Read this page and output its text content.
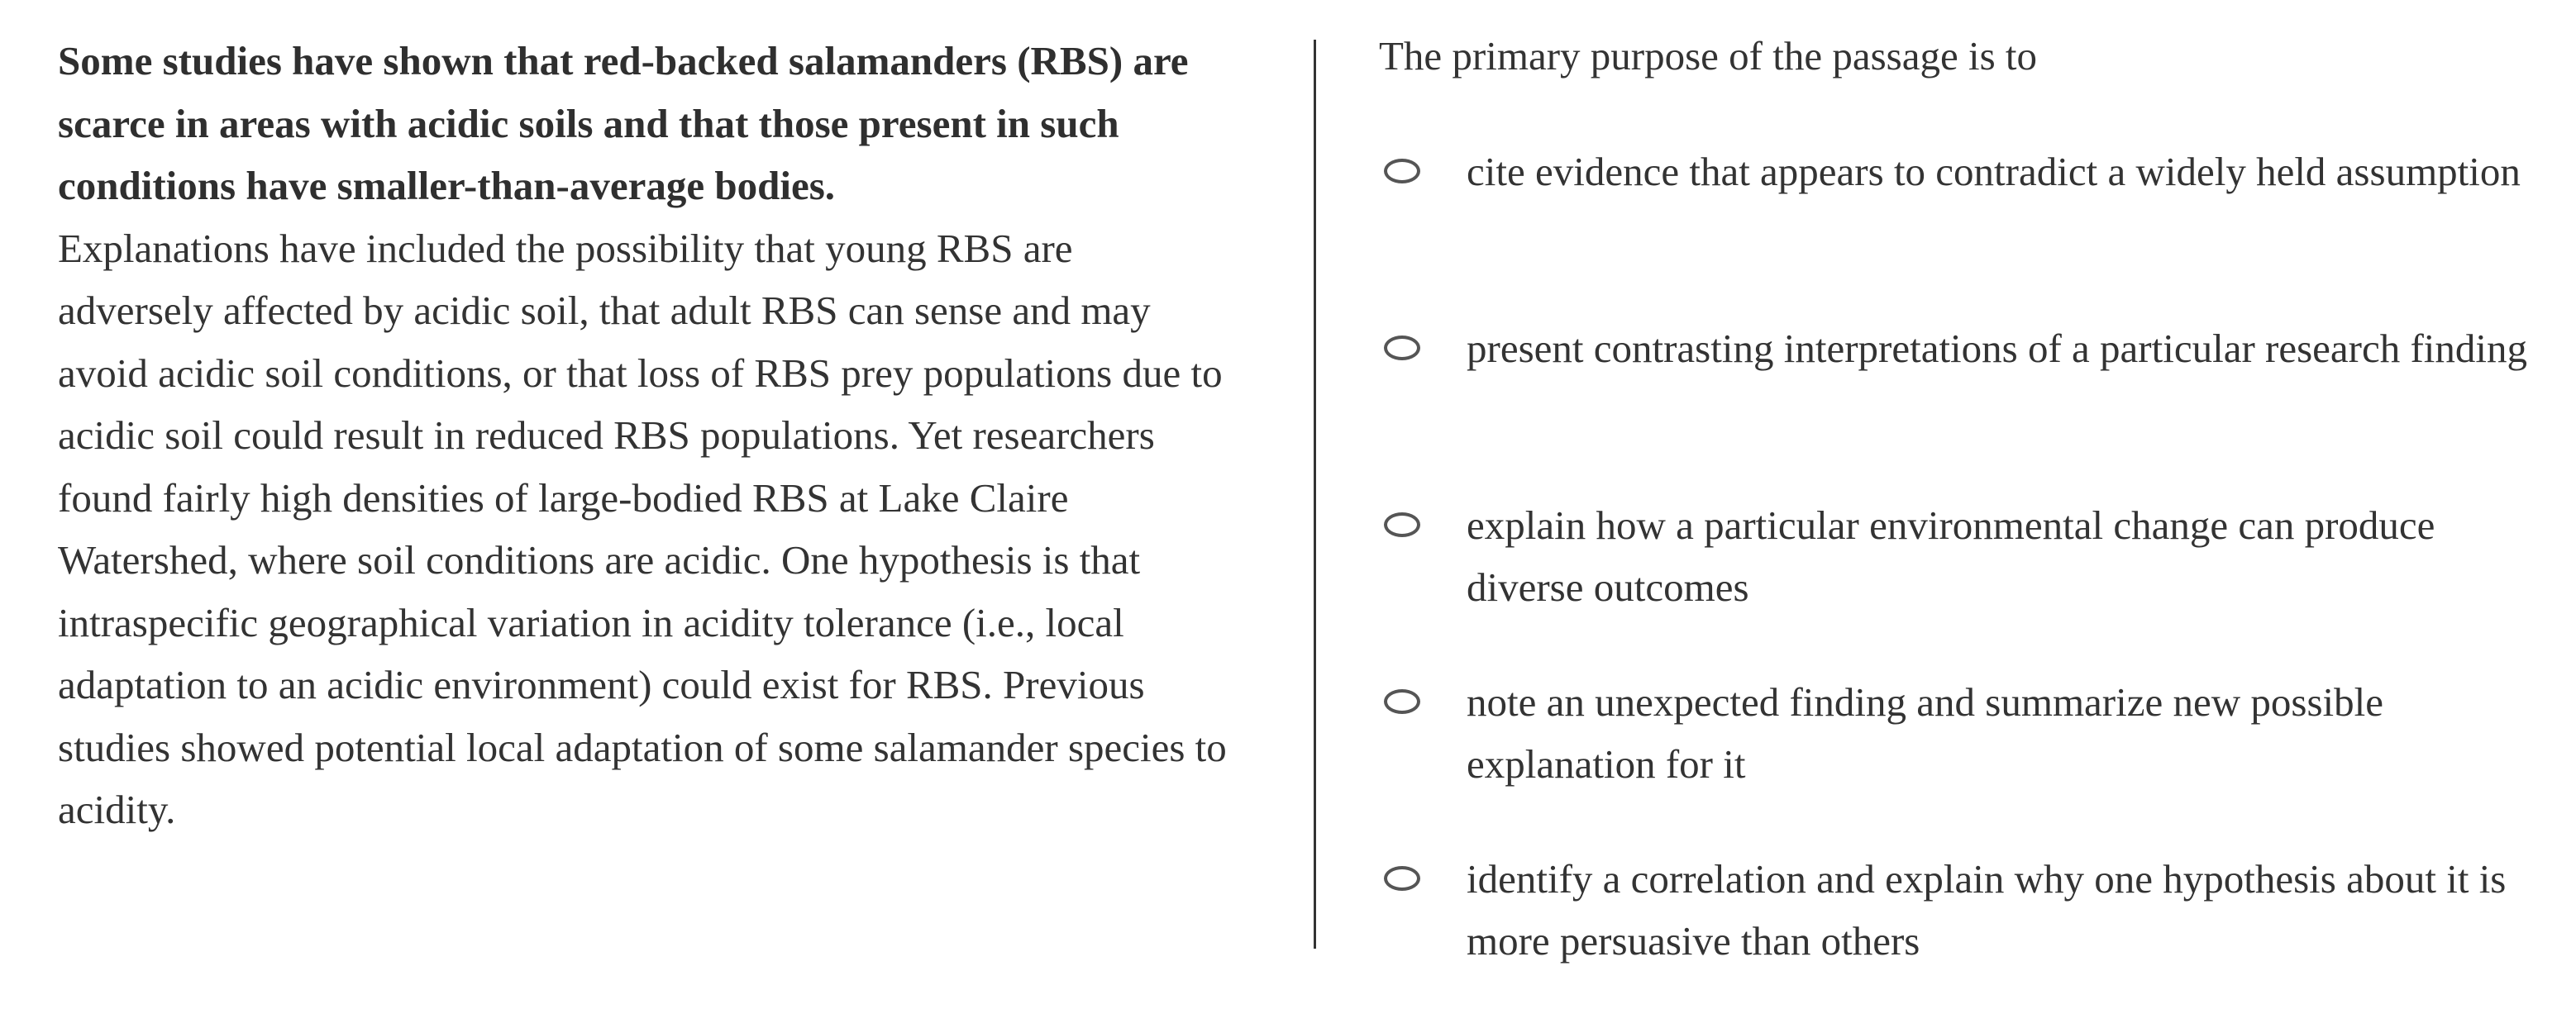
Some studies have shown that red-backed salamanders (RBS) are scarce in areas with acidic soils and that those present in such conditions have smaller-than-average bodies.
Explanations have included the possibility that young RBS are adversely affected by acidic soil, that adult RBS can sense and may avoid acidic soil conditions, or that loss of RBS prey populations due to acidic soil could result in reduced RBS populations. Yet researchers found fairly high densities of large-bodied RBS at Lake Claire Watershed, where soil conditions are acidic. One hypothesis is that intraspecific geographical variation in acidity tolerance (i.e., local adaptation to an acidic environment) could exist for RBS. Previous studies showed potential local adaptation of some salamander species to acidity.
The primary purpose of the passage is to
cite evidence that appears to contradict a widely held assumption
present contrasting interpretations of a particular research finding
explain how a particular environmental change can produce diverse outcomes
note an unexpected finding and summarize new possible explanation for it
identify a correlation and explain why one hypothesis about it is more persuasive than others
